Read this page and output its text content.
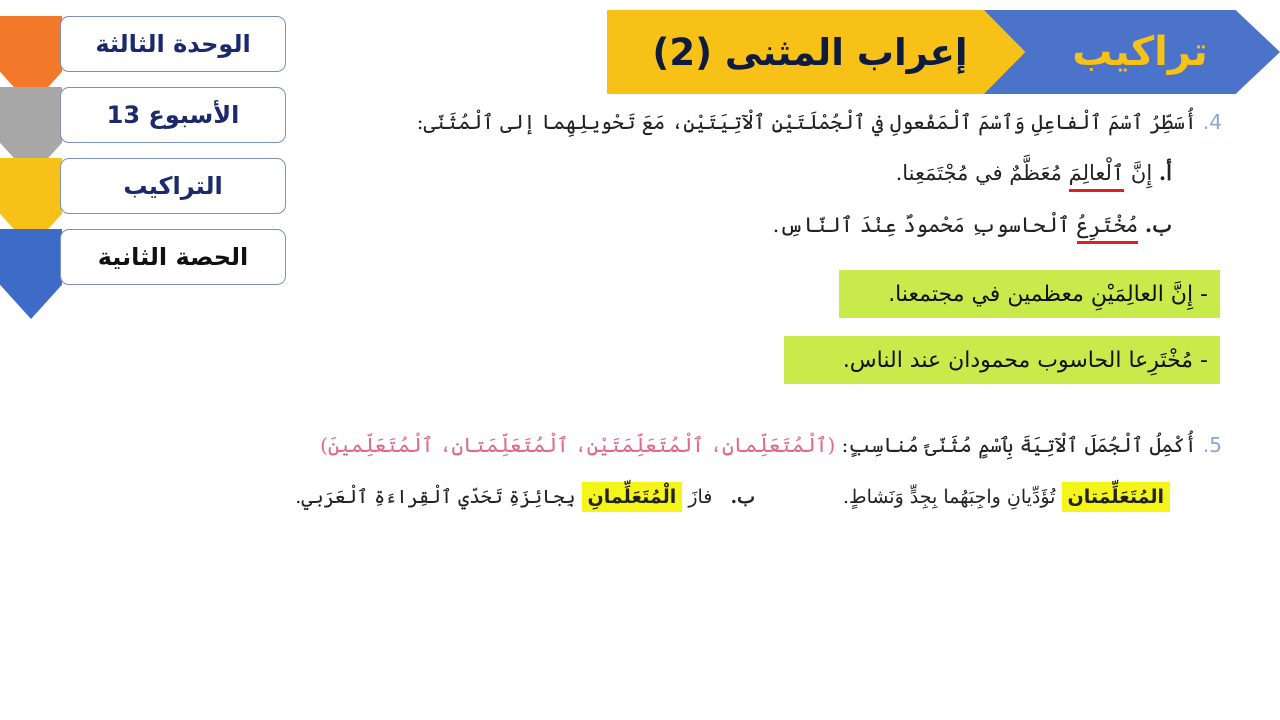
الوحدة الثالثة
الأسبوع 13
التراكيب
الحصة الثانية
إعراب المثنى (2)	تراكيب
4. أُسَطِّرُ ٱسْمَ ٱلْفاعِلِ وَٱسْمَ ٱلْمَفْعولِ في ٱلْجُمْلَتَيْنِ ٱلْآتِيَتَيْنِ، مَعَ تَحْويلِهِما إلى ٱلْمُثَنّى:
أ. إِنَّ ٱلْعالِمَ مُعَظَّمٌ في مُجْتَمَعِنا.
ب. مُخْتَرِعُ ٱلْحاسوبِ مَحْمودٌ عِنْدَ ٱلنّاسِ.
- إِنَّ العالِمَيْنِ معظمين في مجتمعنا.
- مُخْتَرِعا الحاسوب محمودان عند الناس.
5. أُكْمِلُ ٱلْجُمَلَ ٱلْآتِيَةَ بِٱسْمٍ مُثَنّىً مُناسِبٍ: (ٱلْمُتَعَلِّمانِ، ٱلْمُتَعَلِّمَتَيْنِ، ٱلْمُتَعَلِّمَتانِ، ٱلْمُتَعَلِّمينَ)
ب.   فازَ الْمُتَعَلِّمانِ بِجائِزَةِ تَحَدّي ٱلْقِراءَةِ ٱلْعَرَبي.	المُتَعَلِّمَتان تُؤَدِّيانِ واجِبَهُما بِجِدٍّ وَنَشاطٍ.
